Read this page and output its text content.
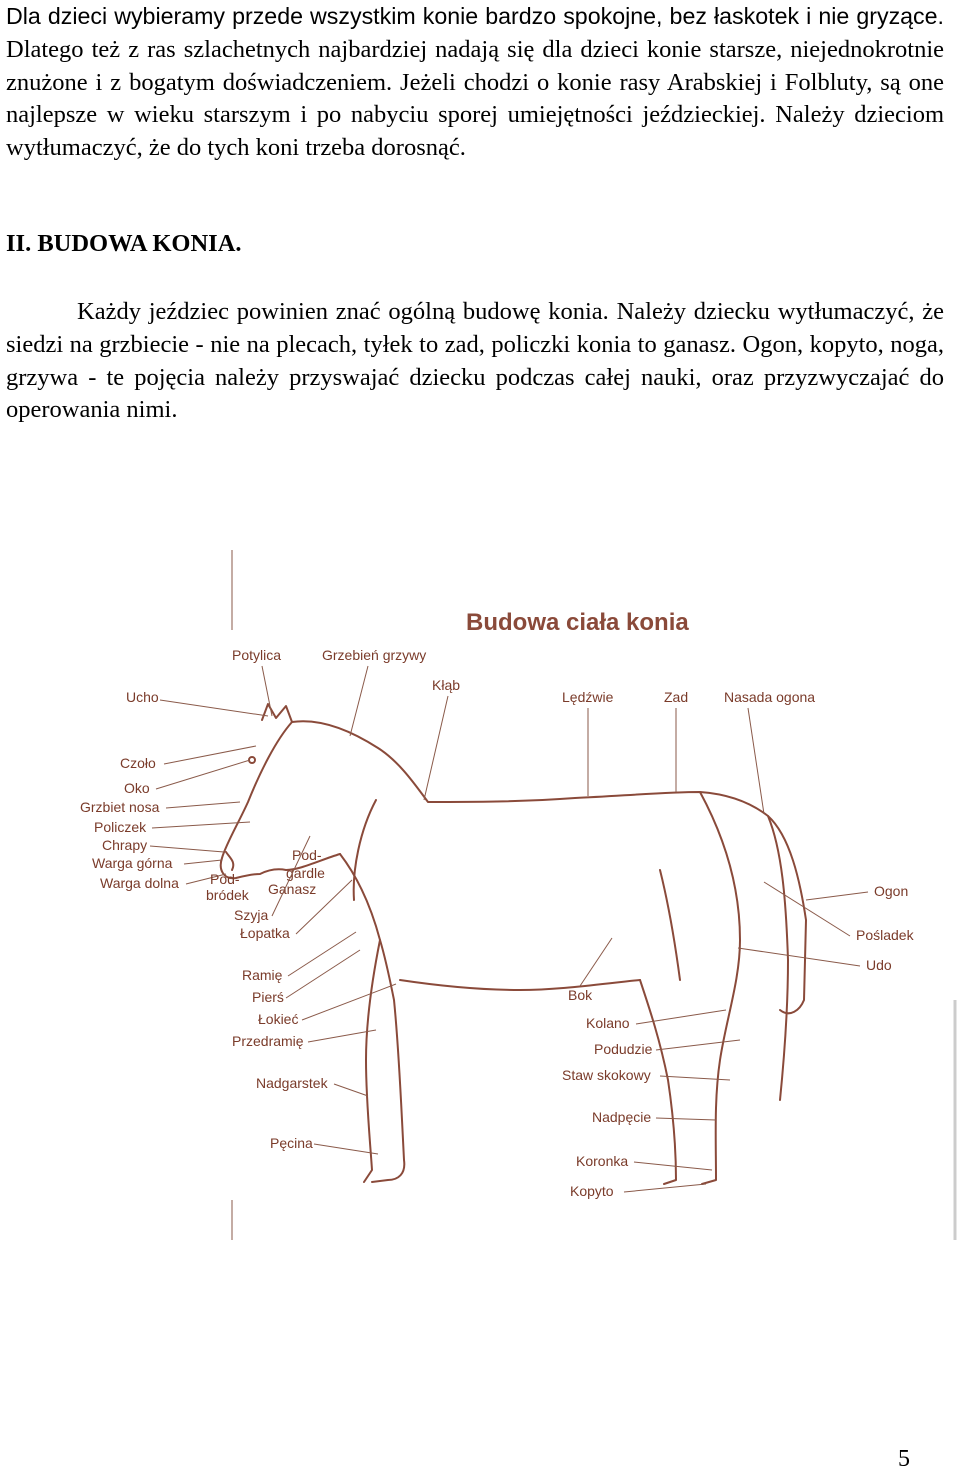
Dla dzieci wybieramy przede wszystkim konie bardzo spokojne, bez łaskotek i nie gryzące. Dlatego też z ras szlachetnych najbardziej nadają się dla dzieci konie starsze, niejednokrotnie znużone i z bogatym doświadczeniem. Jeżeli chodzi o konie rasy Arabskiej i Folbluty, są one najlepsze w wieku starszym i po nabyciu sporej umiejętności jeździeckiej. Należy dzieciom wytłumaczyć, że do tych koni trzeba dorosnąć.

II. BUDOWA KONIA.

Każdy jeździec powinien znać ogólną budowę konia. Należy dziecku wytłumaczyć, że siedzi na grzbiecie - nie na plecach, tyłek to zad, policzki konia to ganasz. Ogon, kopyto, noga, grzywa - te pojęcia należy przyswajać dziecku podczas całej nauki, oraz przyzwyczajać do operowania nimi.

Budowa ciała konia
Potylica	Grzebień grzywy
Kłąb
Lędźwie	Zad	Nasada ogona
Ucho
Czoło
Oko
Grzbiet nosa
Policzek
Chrapy
Warga górna
Warga dolna Pod-
bródek
Pod-
gardle
Ganasz
Szyja
Łopatka
Ramię
Pierś
Łokieć
Przedramię
Nadgarstek
Pęcina
Ogon
Pośladek
Udo
Bok
Kolano
Podudzie
Staw skokowy
Nadpęcie
Koronka
Kopyto
5
